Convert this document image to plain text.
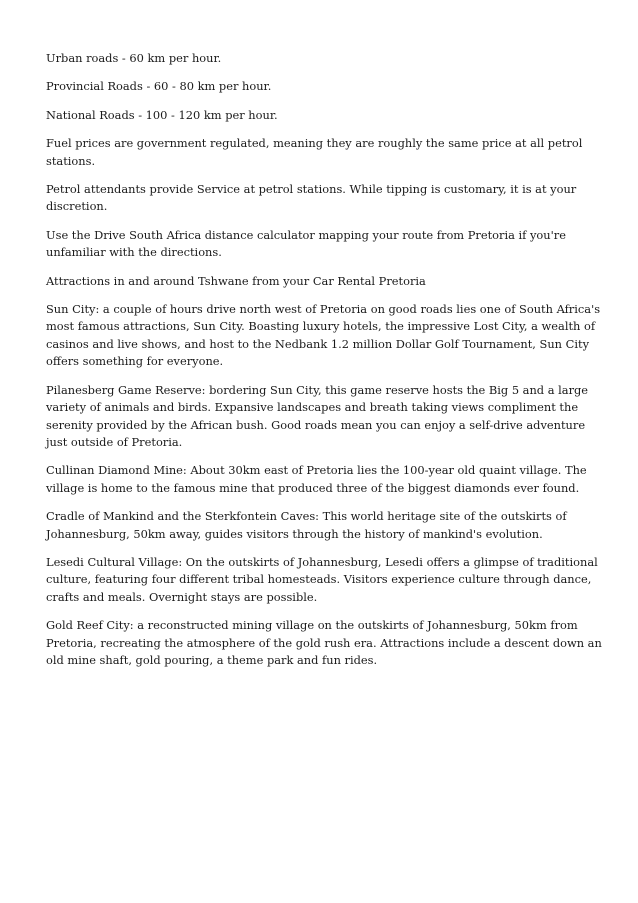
Urban roads - 60 km per hour.

Provincial Roads - 60 - 80 km per hour.

National Roads - 100 - 120 km per hour.

Fuel prices are government regulated, meaning they are roughly the same price at all petrol stations.

Petrol attendants provide Service at petrol stations. While tipping is customary, it is at your discretion.

Use the Drive South Africa distance calculator mapping your route from Pretoria if you're unfamiliar with the directions.

Attractions in and around Tshwane from your Car Rental Pretoria

Sun City: a couple of hours drive north west of Pretoria on good roads lies one of South Africa's most famous attractions, Sun City. Boasting luxury hotels, the impressive Lost City, a wealth of casinos and live shows, and host to the Nedbank 1.2 million Dollar Golf Tournament, Sun City offers something for everyone.

Pilanesberg Game Reserve: bordering Sun City, this game reserve hosts the Big 5 and a large variety of animals and birds. Expansive landscapes and breath taking views compliment the serenity provided by the African bush. Good roads mean you can enjoy a self-drive adventure just outside of Pretoria.

Cullinan Diamond Mine: About 30km east of Pretoria lies the 100-year old quaint village. The village is home to the famous mine that produced three of the biggest diamonds ever found.

Cradle of Mankind and the Sterkfontein Caves: This world heritage site of the outskirts of Johannesburg, 50km away, guides visitors through the history of mankind's evolution.

Lesedi Cultural Village: On the outskirts of Johannesburg, Lesedi offers a glimpse of traditional culture, featuring four different tribal homesteads. Visitors experience culture through dance, crafts and meals. Overnight stays are possible.

Gold Reef City: a reconstructed mining village on the outskirts of Johannesburg, 50km from Pretoria, recreating the atmosphere of the gold rush era. Attractions include a descent down an old mine shaft, gold pouring, a theme park and fun rides.
